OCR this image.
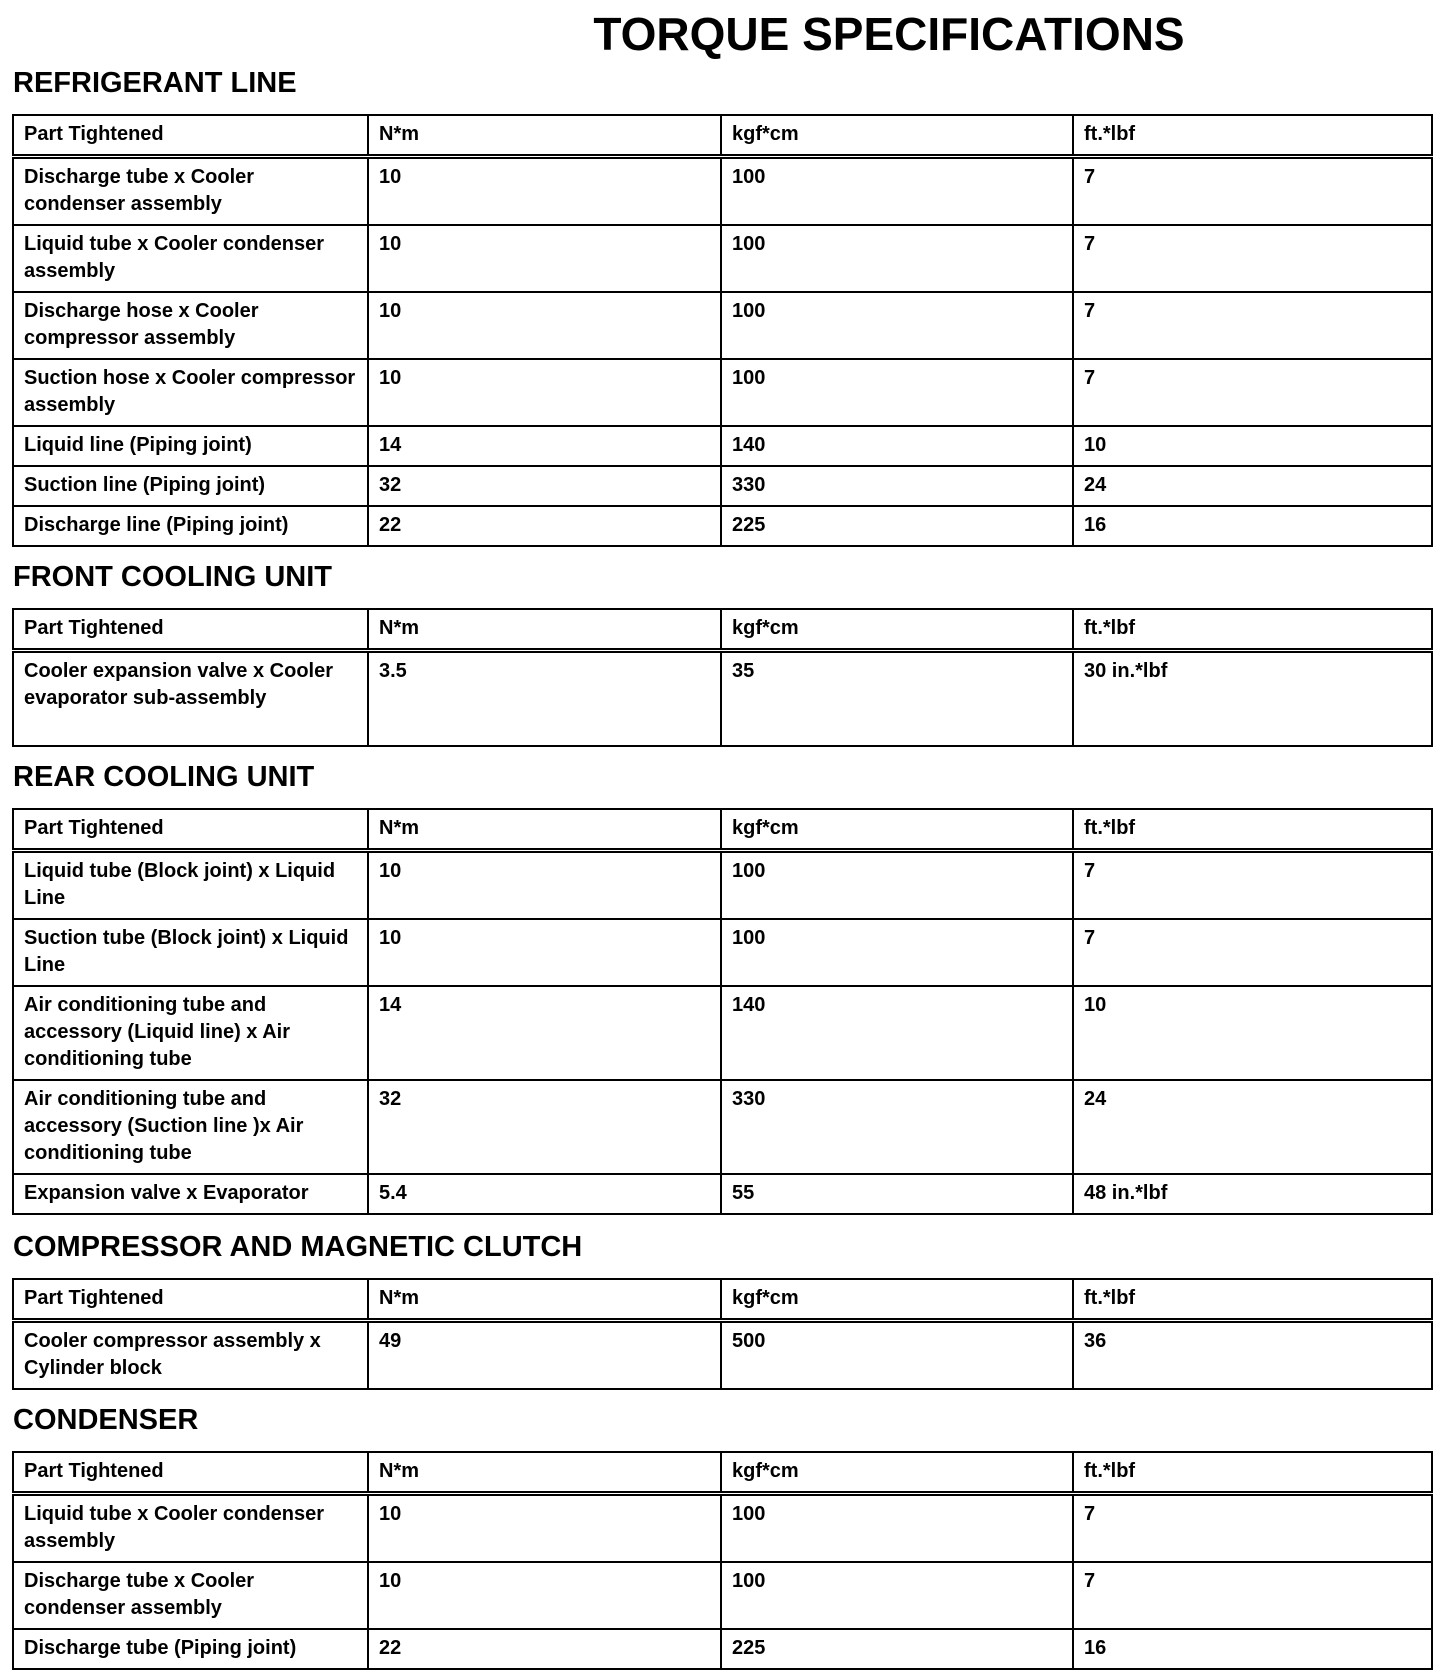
TORQUE SPECIFICATIONS
REFRIGERANT LINE
Part Tightened	N*m	kgf*cm	ft.*lbf
Discharge tube x Cooler condenser assembly	10	100	7
Liquid tube x Cooler condenser assembly	10	100	7
Discharge hose x Cooler compressor assembly	10	100	7
Suction hose x Cooler compressor assembly	10	100	7
Liquid line (Piping joint)	14	140	10
Suction line (Piping joint)	32	330	24
Discharge line (Piping joint)	22	225	16
FRONT COOLING UNIT
Part Tightened	N*m	kgf*cm	ft.*lbf
Cooler expansion valve x Cooler evaporator sub-assembly	3.5	35	30 in.*lbf
REAR COOLING UNIT
Part Tightened	N*m	kgf*cm	ft.*lbf
Liquid tube (Block joint) x Liquid Line	10	100	7
Suction tube (Block joint) x Liquid Line	10	100	7
Air conditioning tube and accessory (Liquid line) x Air conditioning tube	14	140	10
Air conditioning tube and accessory (Suction line )x Air conditioning tube	32	330	24
Expansion valve x Evaporator	5.4	55	48 in.*lbf
COMPRESSOR AND MAGNETIC CLUTCH
Part Tightened	N*m	kgf*cm	ft.*lbf
Cooler compressor assembly x Cylinder block	49	500	36
CONDENSER
Part Tightened	N*m	kgf*cm	ft.*lbf
Liquid tube x Cooler condenser assembly	10	100	7
Discharge tube x Cooler condenser assembly	10	100	7
Discharge tube (Piping joint)	22	225	16
